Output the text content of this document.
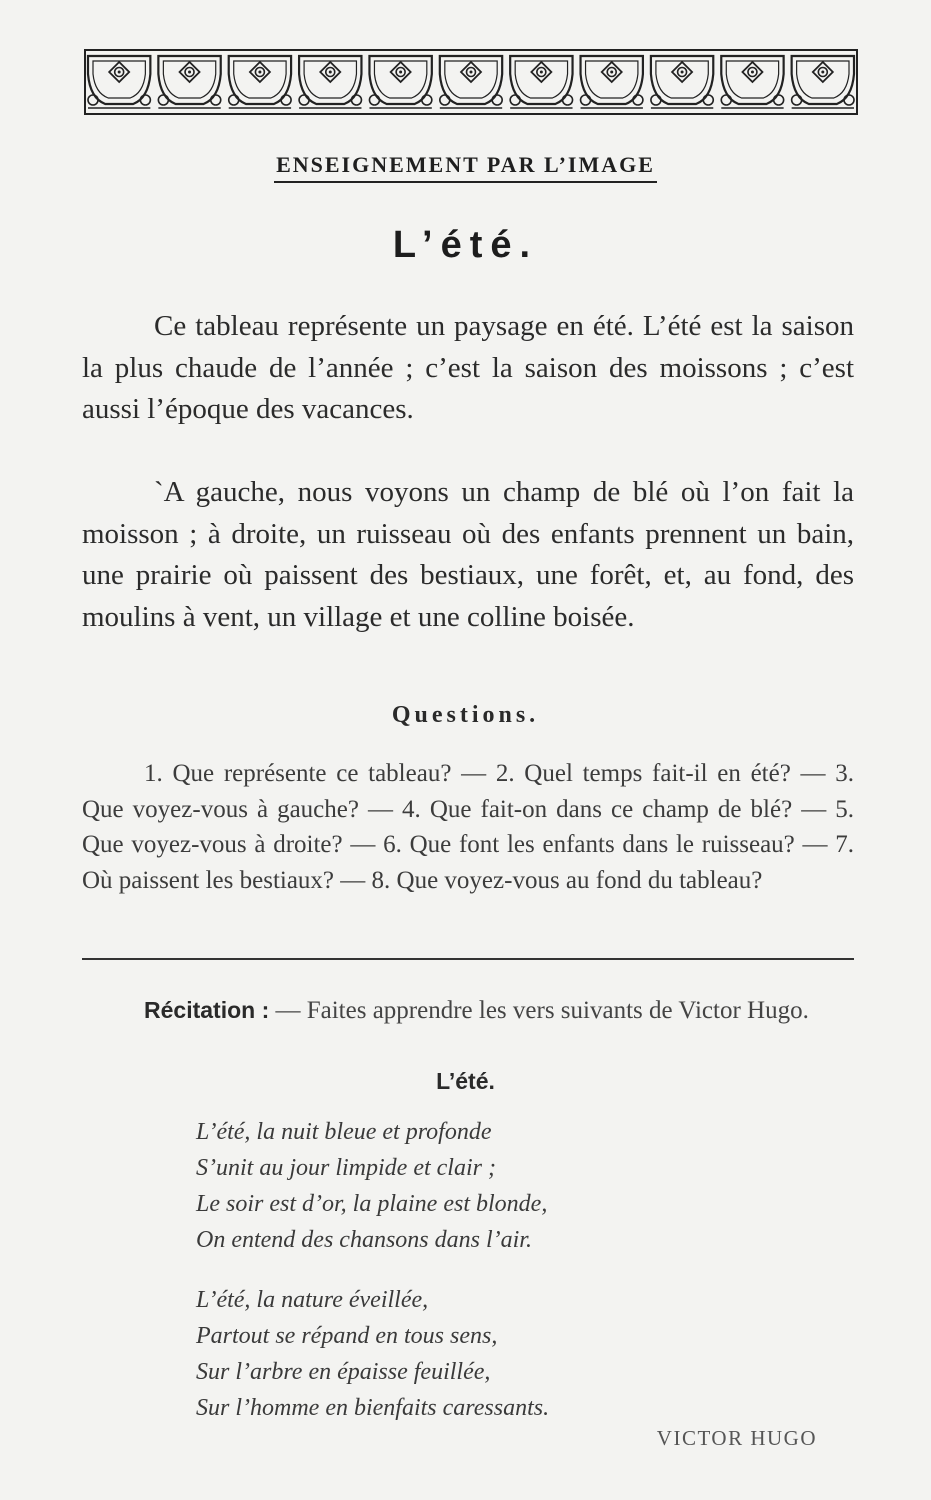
ENSEIGNEMENT PAR L’IMAGE
L’été.

Ce tableau représente un paysage en été. L’été est la saison la plus chaude de l’année ; c’est la saison des moissons ; c’est aussi l’époque des vacances.

`A gauche, nous voyons un champ de blé où l’on fait la moisson ; à droite, un ruisseau où des enfants prennent un bain, une prairie où paissent des bestiaux, une forêt, et, au fond, des moulins à vent, un village et une colline boisée.

Questions.

1. Que représente ce tableau? — 2. Quel temps fait-il en été? — 3. Que voyez-vous à gauche? — 4. Que fait-on dans ce champ de blé? — 5. Que voyez-vous à droite? — 6. Que font les enfants dans le ruisseau? — 7. Où paissent les bestiaux? — 8. Que voyez-vous au fond du tableau?

Récitation : — Faites apprendre les vers suivants de Victor Hugo.

L’été.
L’été, la nuit bleue et profonde
S’unit au jour limpide et clair ;
Le soir est d’or, la plaine est blonde,
On entend des chansons dans l’air.
L’été, la nature éveillée,
Partout se répand en tous sens,
Sur l’arbre en épaisse feuillée,
Sur l’homme en bienfaits caressants.
VICTOR HUGO
